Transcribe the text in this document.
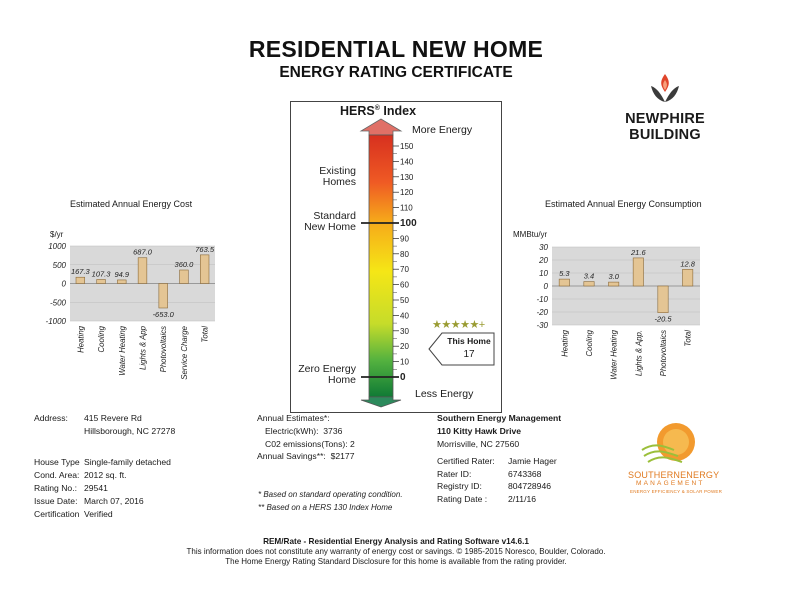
RESIDENTIAL NEW HOME
ENERGY RATING CERTIFICATE
NEWPHIRE BUILDING
Estimated Annual Energy Cost
$/yr
1000
500
0
-500
-1000
167.3
Heating
107.3
Cooling
94.9
Water Heating
687.0
Lights & App
-653.0
Photovoltaics
360.0
Service Charge
763.5
Total
Estimated Annual Energy Consumption
MMBtu/yr
30
20
10
0
-10
-20
-30
5.3
Heating
3.4
Cooling
3.0
Water Heating
21.6
Lights & App.
-20.5
Photovoltaics
12.8
Total
HERS® Index
More Energy
Less Energy
Existing
Homes
Standard
New Home
Zero Energy
Home
150
140
130
120
110
100
90
80
70
60
50
40
30
20
10
0
★★★★★+
This Home
17
Address: 415 Revere Rd
Hillsborough, NC 27278
House Type Single-family detached
Cond. Area: 2012 sq. ft.
Rating No.: 29541
Issue Date: March 07, 2016
Certification Verified
Annual Estimates*:
Electric(kWh): 3736
C02 emissions(Tons): 2
Annual Savings**: $2177
* Based on standard operating condition.
** Based on a HERS 130 Index Home
Southern Energy Management
110 Kitty Hawk Drive
Morrisville, NC 27560
Certified Rater: Jamie Hager
Rater ID:	6743368
Registry ID:	804728946
Rating Date : 2/11/16
SOUTHERNENERGY
MANAGEMENT
ENERGY EFFICIENCY & SOLAR POWER
REM/Rate - Residential Energy Analysis and Rating Software v14.6.1
This information does not constitute any warranty of energy cost or savings. © 1985-2015 Noresco, Boulder, Colorado.
The Home Energy Rating Standard Disclosure for this home is available from the rating provider.
